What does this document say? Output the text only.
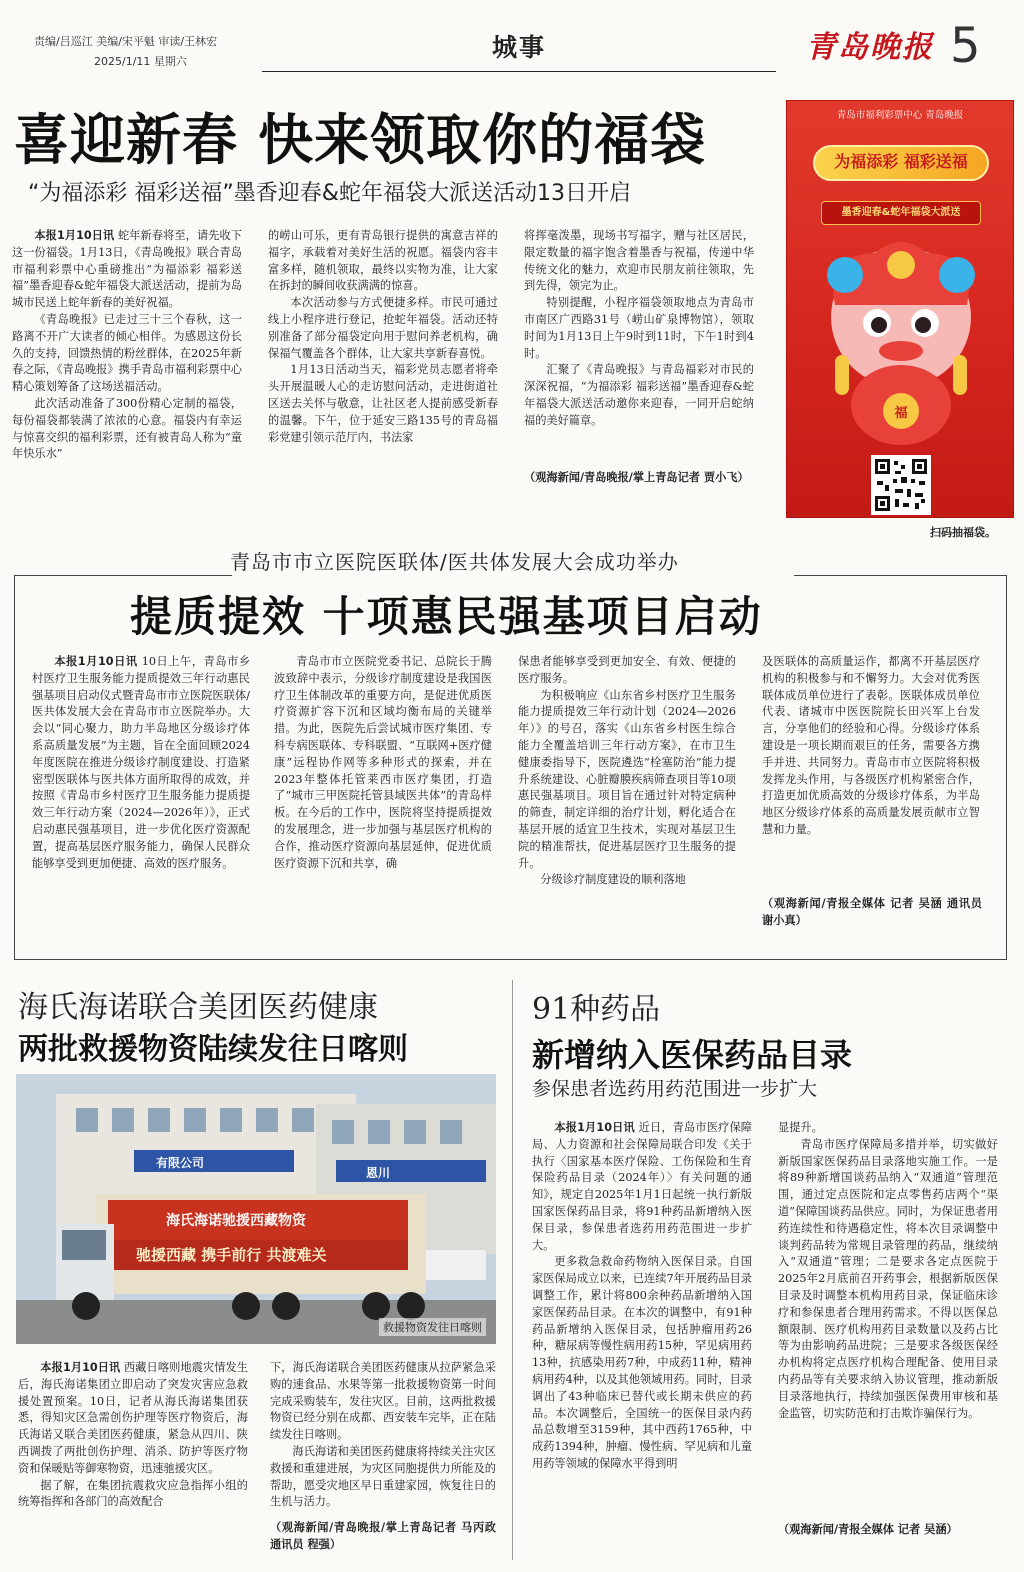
责编/吕巡江 美编/宋平魁 审读/王林宏
2025/1/11 星期六	城事	青岛晚报 5
喜迎新春 快来领取你的福袋
“为福添彩 福彩送福”墨香迎春&蛇年福袋大派送活动13日开启

本报1月10日讯 蛇年新春将至，请先收下这一份福袋。1月13日，《青岛晚报》联合青岛市福利彩票中心重磅推出“为福添彩 福彩送福”墨香迎春&蛇年福袋大派送活动，提前为岛城市民送上蛇年新春的美好祝福。

《青岛晚报》已走过三十三个春秋，这一路离不开广大读者的倾心相伴。为感恩这份长久的支持，回馈热情的粉丝群体，在2025年新春之际，《青岛晚报》携手青岛市福利彩票中心精心策划筹备了这场送福活动。

此次活动准备了300份精心定制的福袋，每份福袋都装满了浓浓的心意。福袋内有幸运与惊喜交织的福利彩票，还有被青岛人称为“童年快乐水”

的崂山可乐，更有青岛银行提供的寓意吉祥的福字，承载着对美好生活的祝愿。福袋内容丰富多样，随机领取，最终以实物为准，让大家在拆封的瞬间收获满满的惊喜。

本次活动参与方式便捷多样。市民可通过线上小程序进行登记，抢蛇年福袋。活动还特别准备了部分福袋定向用于慰问养老机构，确保福气覆盖各个群体，让大家共享新春喜悦。

1月13日活动当天，福彩党员志愿者将牵头开展温暖人心的走访慰问活动，走进街道社区送去关怀与敬意，让社区老人提前感受新春的温馨。下午，位于延安三路135号的青岛福彩党建引领示范厅内，书法家

将挥毫泼墨，现场书写福字，赠与社区居民，限定数量的福字饱含着墨香与祝福，传递中华传统文化的魅力，欢迎市民朋友前往领取，先到先得，领完为止。

特别提醒，小程序福袋领取地点为青岛市市南区广西路31号（崂山矿泉博物馆），领取时间为1月13日上午9时到11时，下午1时到4时。

汇聚了《青岛晚报》与青岛福彩对市民的深深祝福，“为福添彩 福彩送福”墨香迎春&蛇年福袋大派送活动邀你来迎春，一同开启蛇纳福的美好篇章。

（观海新闻/青岛晚报/掌上青岛记者 贾小飞）

青岛市福利彩票中心 青岛晚报
为福添彩 福彩送福
墨香迎春&蛇年福袋大派送
福
扫码抽福袋。
青岛市市立医院医联体/医共体发展大会成功举办
提质提效 十项惠民强基项目启动

本报1月10日讯 10日上午，青岛市乡村医疗卫生服务能力提质提效三年行动惠民强基项目启动仪式暨青岛市市立医院医联体/医共体发展大会在青岛市市立医院举办。大会以“同心聚力，助力半岛地区分级诊疗体系高质量发展”为主题，旨在全面回顾2024年度医院在推进分级诊疗制度建设、打造紧密型医联体与医共体方面所取得的成效，并按照《青岛市乡村医疗卫生服务能力提质提效三年行动方案（2024—2026年）》，正式启动惠民强基项目，进一步优化医疗资源配置，提高基层医疗服务能力，确保人民群众能够享受到更加便捷、高效的医疗服务。

青岛市市立医院党委书记、总院长于腾波致辞中表示，分级诊疗制度建设是我国医疗卫生体制改革的重要方向，是促进优质医疗资源扩容下沉和区域均衡布局的关键举措。为此，医院先后尝试城市医疗集团、专科专病医联体、专科联盟、“互联网+医疗健康”远程协作网等多种形式的探索，并在2023年整体托管莱西市医疗集团，打造了“城市三甲医院托管县域医共体”的青岛样板。在今后的工作中，医院将坚持提质提效的发展理念，进一步加强与基层医疗机构的合作，推动医疗资源向基层延伸，促进优质医疗资源下沉和共享，确

保患者能够享受到更加安全、有效、便捷的医疗服务。

为积极响应《山东省乡村医疗卫生服务能力提质提效三年行动计划（2024—2026年）》的号召，落实《山东省乡村医生综合能力全覆盖培训三年行动方案》，在市卫生健康委指导下，医院遴选“栓塞防治”能力提升系统建设、心脏瓣膜疾病筛查项目等10项惠民强基项目。项目旨在通过针对特定病种的筛查，制定详细的治疗计划，孵化适合在基层开展的适宜卫生技术，实现对基层卫生院的精准帮扶，促进基层医疗卫生服务的提升。

分级诊疗制度建设的顺利落地

及医联体的高质量运作，都离不开基层医疗机构的积极参与和不懈努力。大会对优秀医联体成员单位进行了表彰。医联体成员单位代表、诸城市中医医院院长田兴军上台发言，分享他们的经验和心得。分级诊疗体系建设是一项长期而艰巨的任务，需要各方携手并进、共同努力。青岛市市立医院将积极发挥龙头作用，与各级医疗机构紧密合作，打造更加优质高效的分级诊疗体系，为半岛地区分级诊疗体系的高质量发展贡献市立智慧和力量。

（观海新闻/青报全媒体 记者 吴涵 通讯员 谢小真）

海氏海诺联合美团医药健康
两批救援物资陆续发往日喀则
有限公司
恩川
海氏海诺驰援西藏物资
驰援西藏 携手前行 共渡难关
救援物资发往日喀则

本报1月10日讯 西藏日喀则地震灾情发生后，海氏海诺集团立即启动了突发灾害应急救援处置预案。10日，记者从海氏海诺集团获悉，得知灾区急需创伤护理等医疗物资后，海氏海诺又联合美团医药健康，紧急从四川、陕西调拨了两批创伤护理、消杀、防护等医疗物资和保暖贴等御寒物资，迅速驰援灾区。

据了解，在集团抗震救灾应急指挥小组的统筹指挥和各部门的高效配合

下，海氏海诺联合美团医药健康从拉萨紧急采购的速食品、水果等第一批救援物资第一时间完成采购装车，发往灾区。目前，这两批救援物资已经分别在成都、西安装车完毕，正在陆续发往日喀则。

海氏海诺和美团医药健康将持续关注灾区救援和重建进展，为灾区同胞提供力所能及的帮助，愿受灾地区早日重建家园，恢复往日的生机与活力。

（观海新闻/青岛晚报/掌上青岛记者 马丙政 通讯员 程强）

91种药品
新增纳入医保药品目录
参保患者选药用药范围进一步扩大

本报1月10日讯 近日，青岛市医疗保障局、人力资源和社会保障局联合印发《关于执行〈国家基本医疗保险、工伤保险和生育保险药品目录（2024年）〉有关问题的通知》，规定自2025年1月1日起统一执行新版国家医保药品目录，将91种药品新增纳入医保目录，参保患者选药用药范围进一步扩大。

更多救急救命药物纳入医保目录。自国家医保局成立以来，已连续7年开展药品目录调整工作，累计将800余种药品新增纳入国家医保药品目录。在本次的调整中，有91种药品新增纳入医保目录，包括肿瘤用药26种，糖尿病等慢性病用药15种，罕见病用药13种，抗感染用药7种，中成药11种，精神病用药4种，以及其他领域用药。同时，目录调出了43种临床已替代或长期未供应的药品。本次调整后，全国统一的医保目录内药品总数增至3159种，其中西药1765种，中成药1394种，肿瘤、慢性病、罕见病和儿童用药等领域的保障水平得到明

显提升。

青岛市医疗保障局多措并举，切实做好新版国家医保药品目录落地实施工作。一是将89种新增国谈药品纳入“双通道”管理范围，通过定点医院和定点零售药店两个“渠道”保障国谈药品供应。同时，为保证患者用药连续性和待遇稳定性，将本次目录调整中谈判药品转为常规目录管理的药品，继续纳入“双通道”管理；二是要求各定点医院于2025年2月底前召开药事会，根据新版医保目录及时调整本机构用药目录，保证临床诊疗和参保患者合理用药需求。不得以医保总额限制、医疗机构用药目录数量以及药占比等为由影响药品进院；三是要求各级医保经办机构将定点医疗机构合理配备、使用目录内药品等有关要求纳入协议管理，推动新版目录落地执行，持续加强医保费用审核和基金监管，切实防范和打击欺诈骗保行为。

（观海新闻/青报全媒体 记者 吴涵）
